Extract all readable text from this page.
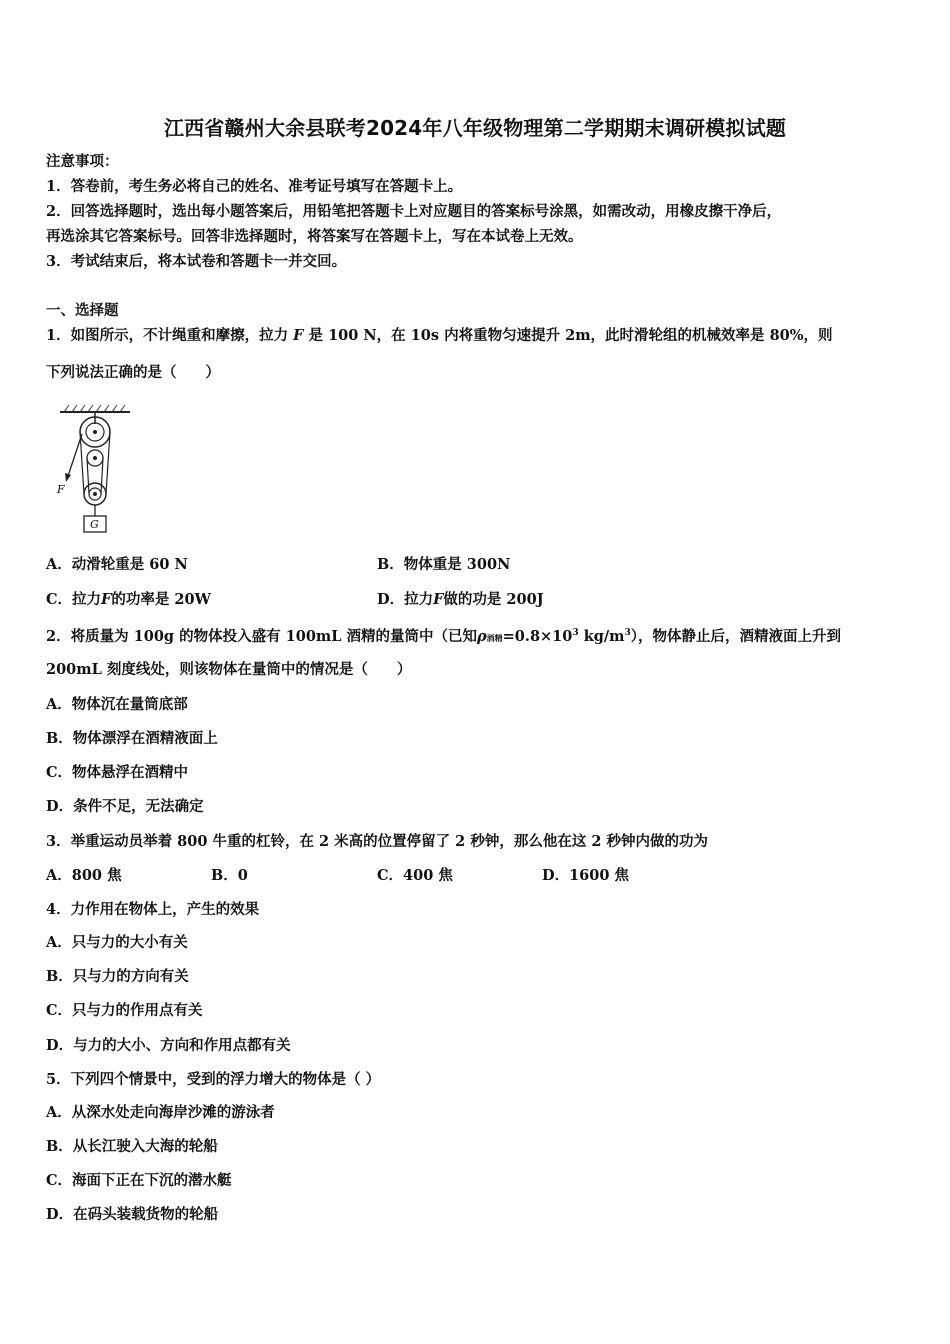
江西省赣州大余县联考2024年八年级物理第二学期期末调研模拟试题
注意事项：
1．答卷前，考生务必将自己的姓名、准考证号填写在答题卡上。
2．回答选择题时，选出每小题答案后，用铅笔把答题卡上对应题目的答案标号涂黑，如需改动，用橡皮擦干净后，
再选涂其它答案标号。回答非选择题时，将答案写在答题卡上，写在本试卷上无效。
3．考试结束后，将本试卷和答题卡一并交回。
一、选择题
1．如图所示，不计绳重和摩擦，拉力 F 是 100 N，在 10s 内将重物匀速提升 2m，此时滑轮组的机械效率是 80%，则
下列说法正确的是（　　）
F
G
A．动滑轮重是 60 N	B．物体重是 300N
C．拉力F的功率是 20W	D．拉力F做的功是 200J
2．将质量为 100g 的物体投入盛有 100mL 酒精的量筒中（已知ρ酒精$=0.8\times 10^3$ $kg/m^3$），物体静止后，酒精液面上升到
200mL 刻度线处，则该物体在量筒中的情况是（　　）
A．物体沉在量筒底部
B．物体漂浮在酒精液面上
C．物体悬浮在酒精中
D．条件不足，无法确定
3．举重运动员举着 800 牛重的杠铃，在 2 米高的位置停留了 2 秒钟，那么他在这 2 秒钟内做的功为
A．800 焦	B．0	C．400 焦	D．1600 焦
4．力作用在物体上，产生的效果
A．只与力的大小有关
B．只与力的方向有关
C．只与力的作用点有关
D．与力的大小、方向和作用点都有关
5．下列四个情景中，受到的浮力增大的物体是（ ）
A．从深水处走向海岸沙滩的游泳者
B．从长江驶入大海的轮船
C．海面下正在下沉的潜水艇
D．在码头装载货物的轮船
